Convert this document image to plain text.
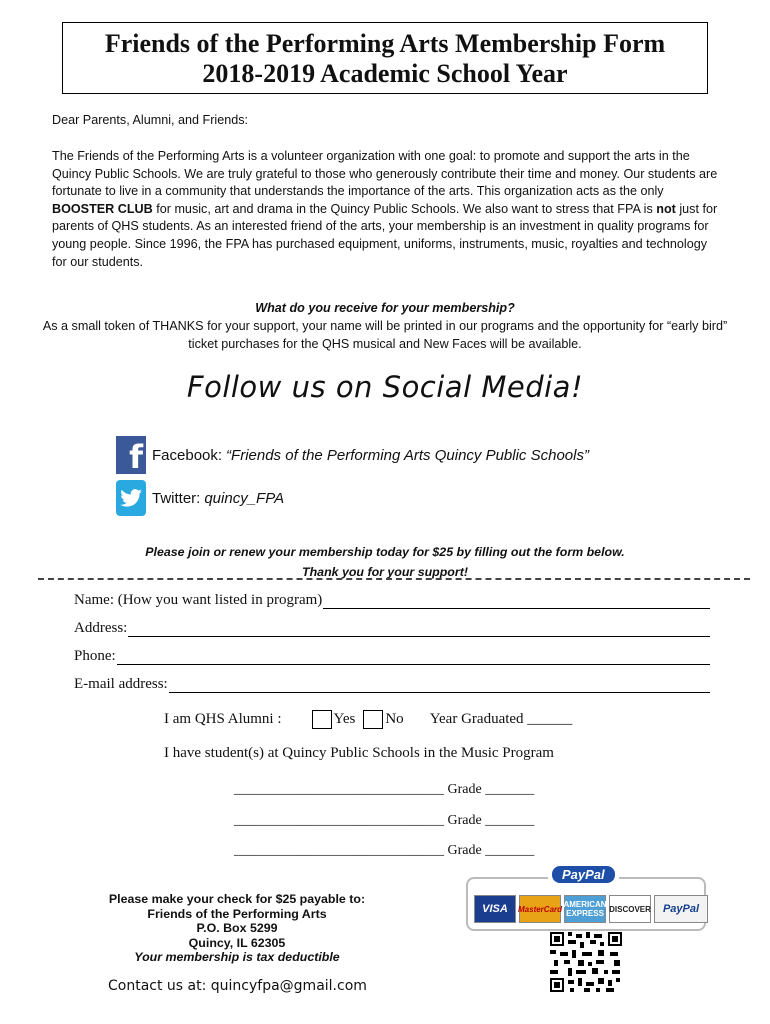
Friends of the Performing Arts Membership Form
2018-2019 Academic School Year
Dear Parents, Alumni, and Friends:
The Friends of the Performing Arts is a volunteer organization with one goal: to promote and support the arts in the Quincy Public Schools. We are truly grateful to those who generously contribute their time and money. Our students are fortunate to live in a community that understands the importance of the arts. This organization acts as the only BOOSTER CLUB for music, art and drama in the Quincy Public Schools. We also want to stress that FPA is not just for parents of QHS students. As an interested friend of the arts, your membership is an investment in quality programs for young people. Since 1996, the FPA has purchased equipment, uniforms, instruments, music, royalties and technology for our students.
What do you receive for your membership?
As a small token of THANKS for your support, your name will be printed in our programs and the opportunity for “early bird” ticket purchases for the QHS musical and New Faces will be available.
Follow us on Social Media!
f Facebook: “Friends of the Performing Arts Quincy Public Schools”
Twitter: quincy_FPA
Please join or renew your membership today for $25 by filling out the form below.
Thank you for your support!
Name: (How you want listed in program)
Address:
Phone:
E-mail address:
I am QHS Alumni :	Yes No Year Graduated ______
I have student(s) at Quincy Public Schools in the Music Program
______________________________ Grade _______
______________________________ Grade _______
______________________________ Grade _______
Please make your check for $25 payable to:
Friends of the Performing Arts
P.O. Box 5299
Quincy, IL 62305
Your membership is tax deductible
Contact us at: quincyfpa@gmail.com
PayPal
VISA	MasterCard AMERICAN EXPRESS DISCOVER	PayPal
